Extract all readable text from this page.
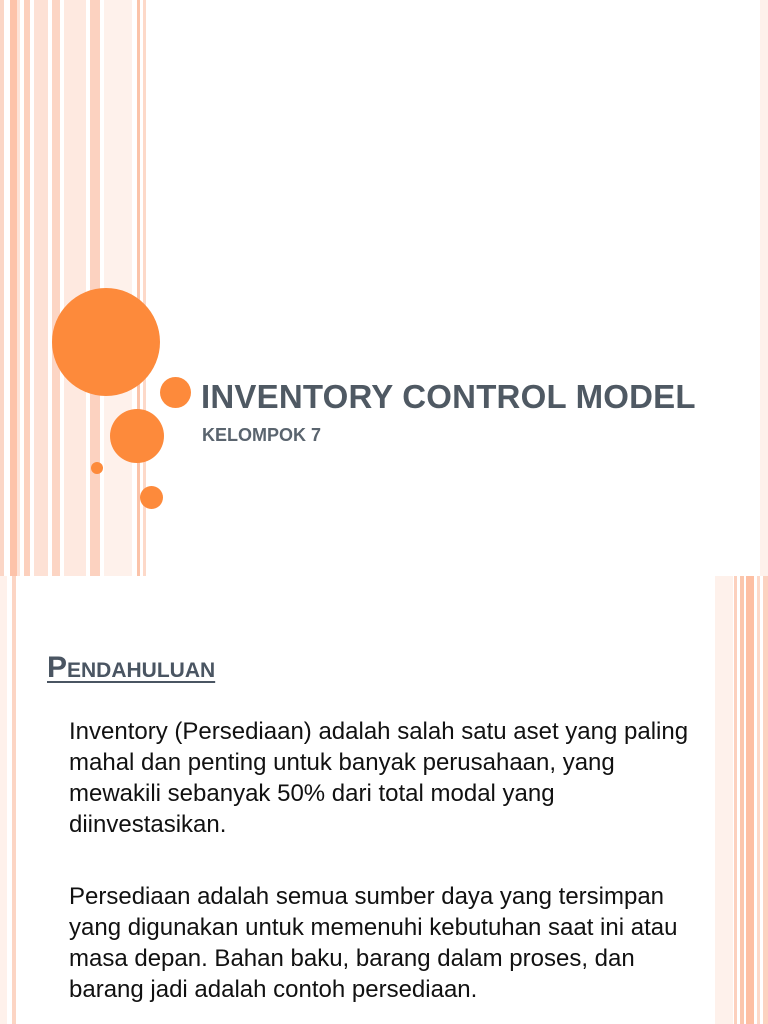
INVENTORY CONTROL MODEL
KELOMPOK 7
Pendahuluan

Inventory (Persediaan) adalah salah satu aset yang paling mahal dan penting untuk banyak perusahaan, yang mewakili sebanyak 50% dari total modal yang diinvestasikan.

Persediaan adalah semua sumber daya yang tersimpan yang digunakan untuk memenuhi kebutuhan saat ini atau masa depan. Bahan baku, barang dalam proses, dan barang jadi adalah contoh persediaan.
